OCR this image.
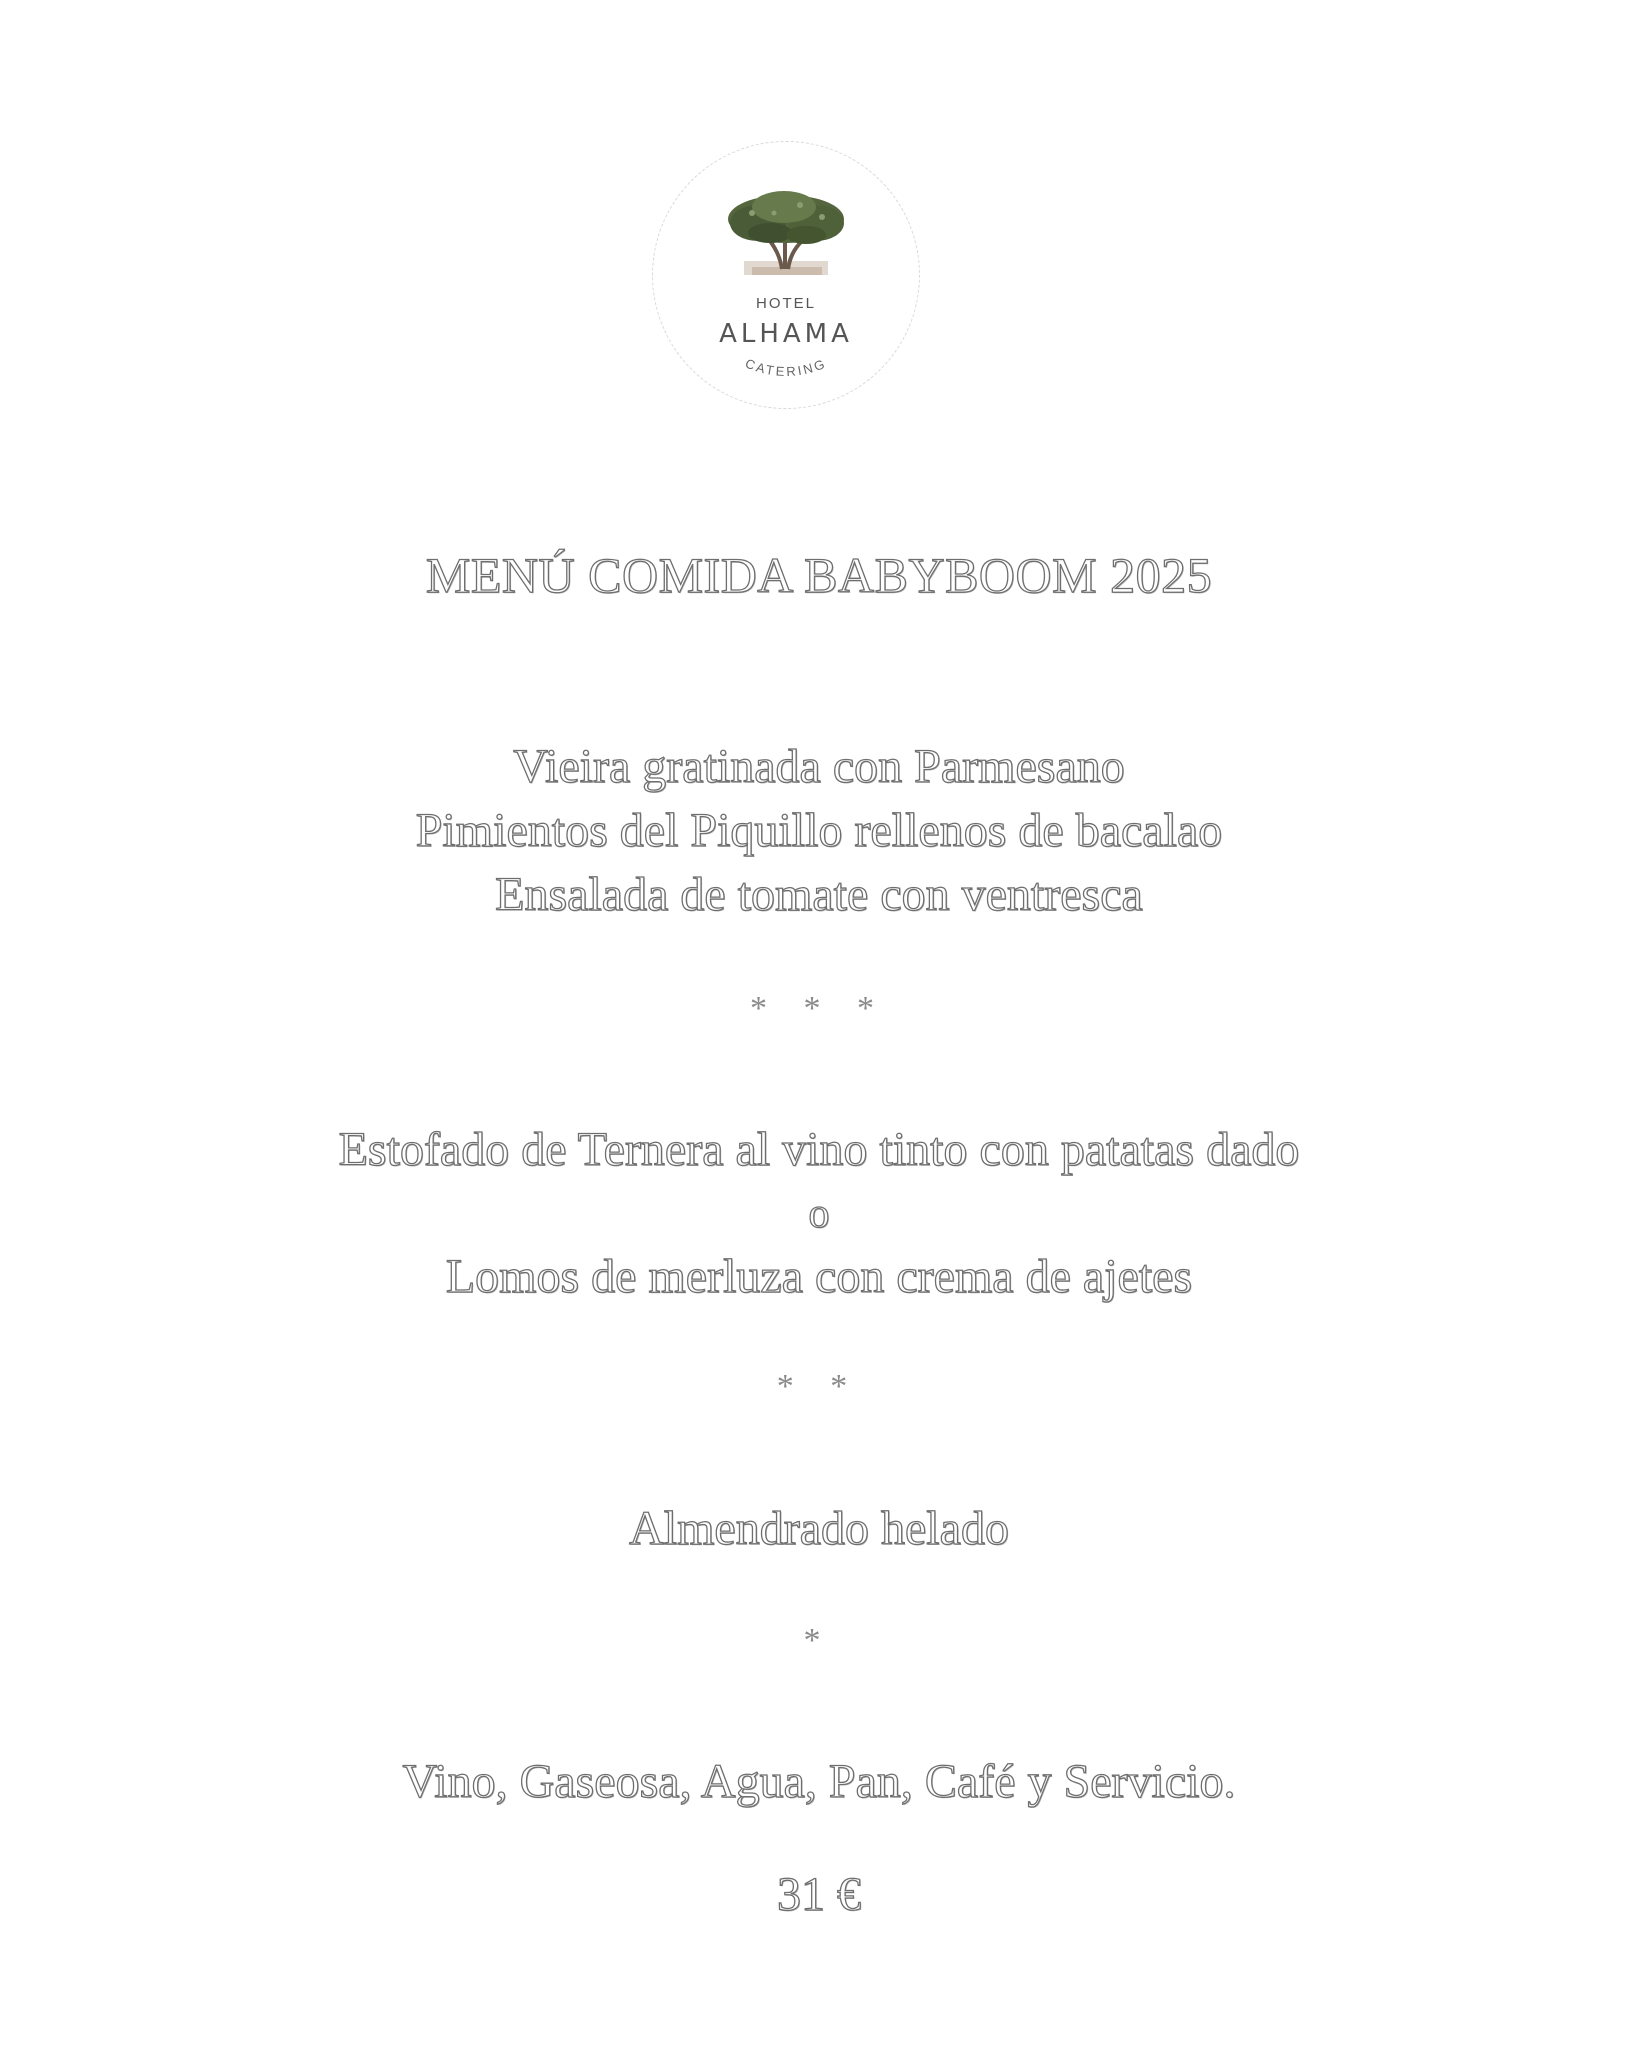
HOTEL
ALHAMA
CATERING
MENÚ COMIDA BABYBOOM 2025
Vieira gratinada con Parmesano
Pimientos del Piquillo rellenos de bacalao
Ensalada de tomate con ventresca
* * *
Estofado de Ternera al vino tinto con patatas dado
o
Lomos de merluza con crema de ajetes
* *
Almendrado helado
*
Vino, Gaseosa, Agua, Pan, Café y Servicio.
31 €
